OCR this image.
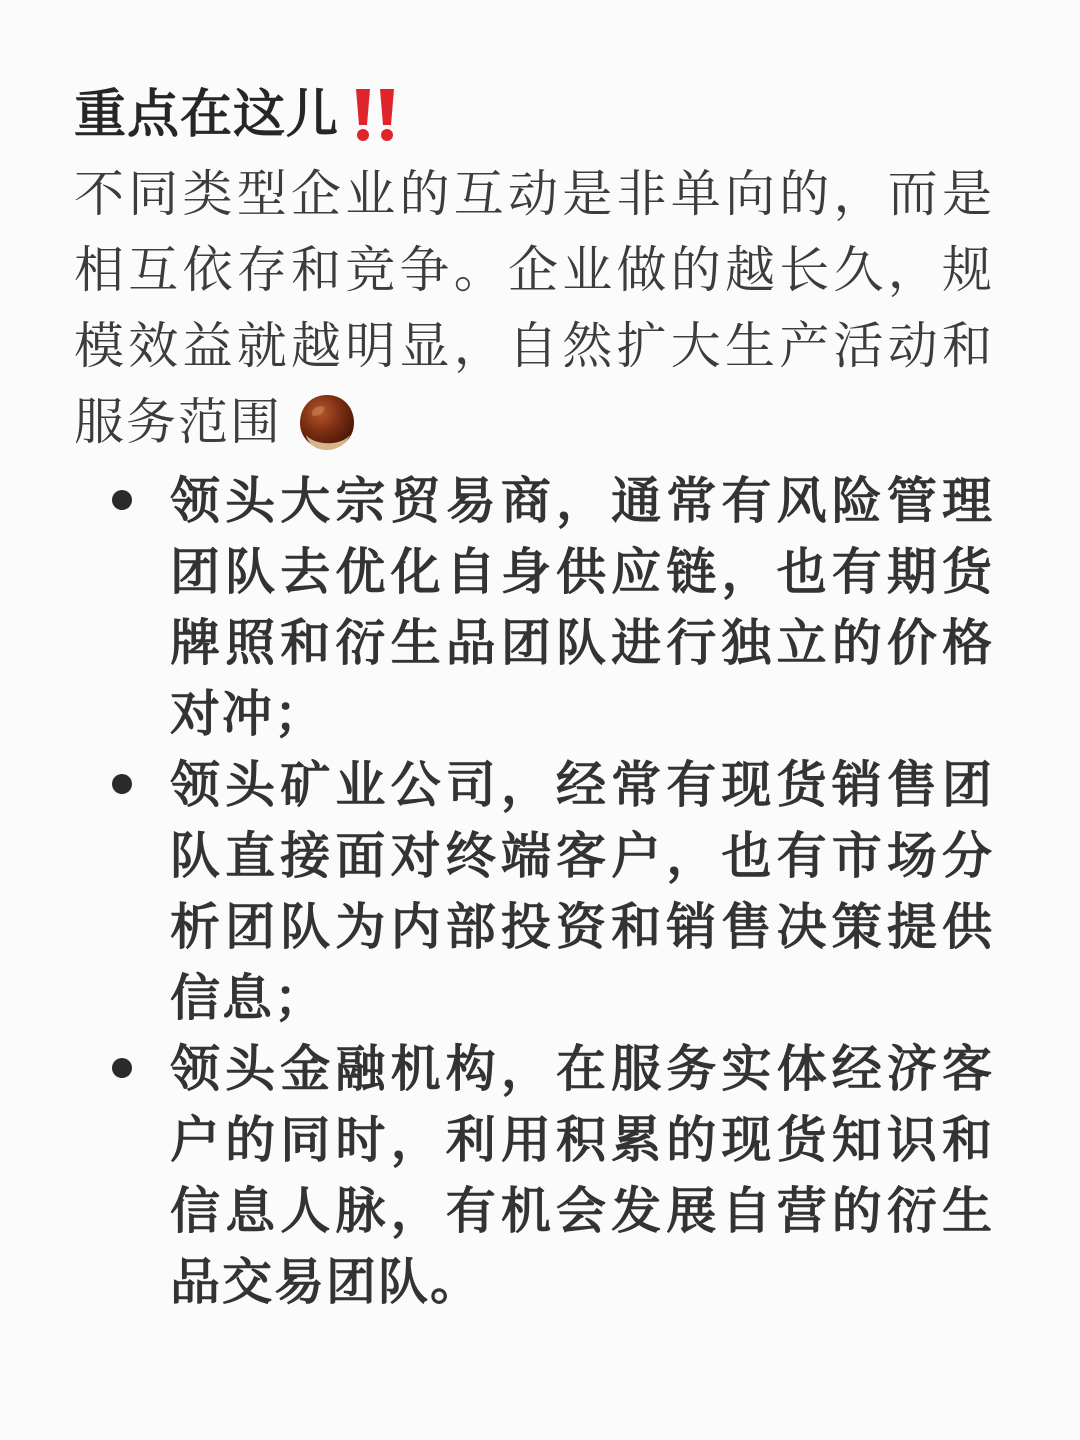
重点在这儿

不同类型企业的互动是非单向的，而是相互依存和竞争。企业做的越长久，规模效益就越明显，自然扩大生产活动和服务范围

领头大宗贸易商，通常有风险管理团队去优化自身供应链，也有期货牌照和衍生品团队进行独立的价格对冲；
领头矿业公司，经常有现货销售团队直接面对终端客户，也有市场分析团队为内部投资和销售决策提供信息；
领头金融机构，在服务实体经济客户的同时，利用积累的现货知识和信息人脉，有机会发展自营的衍生品交易团队。
